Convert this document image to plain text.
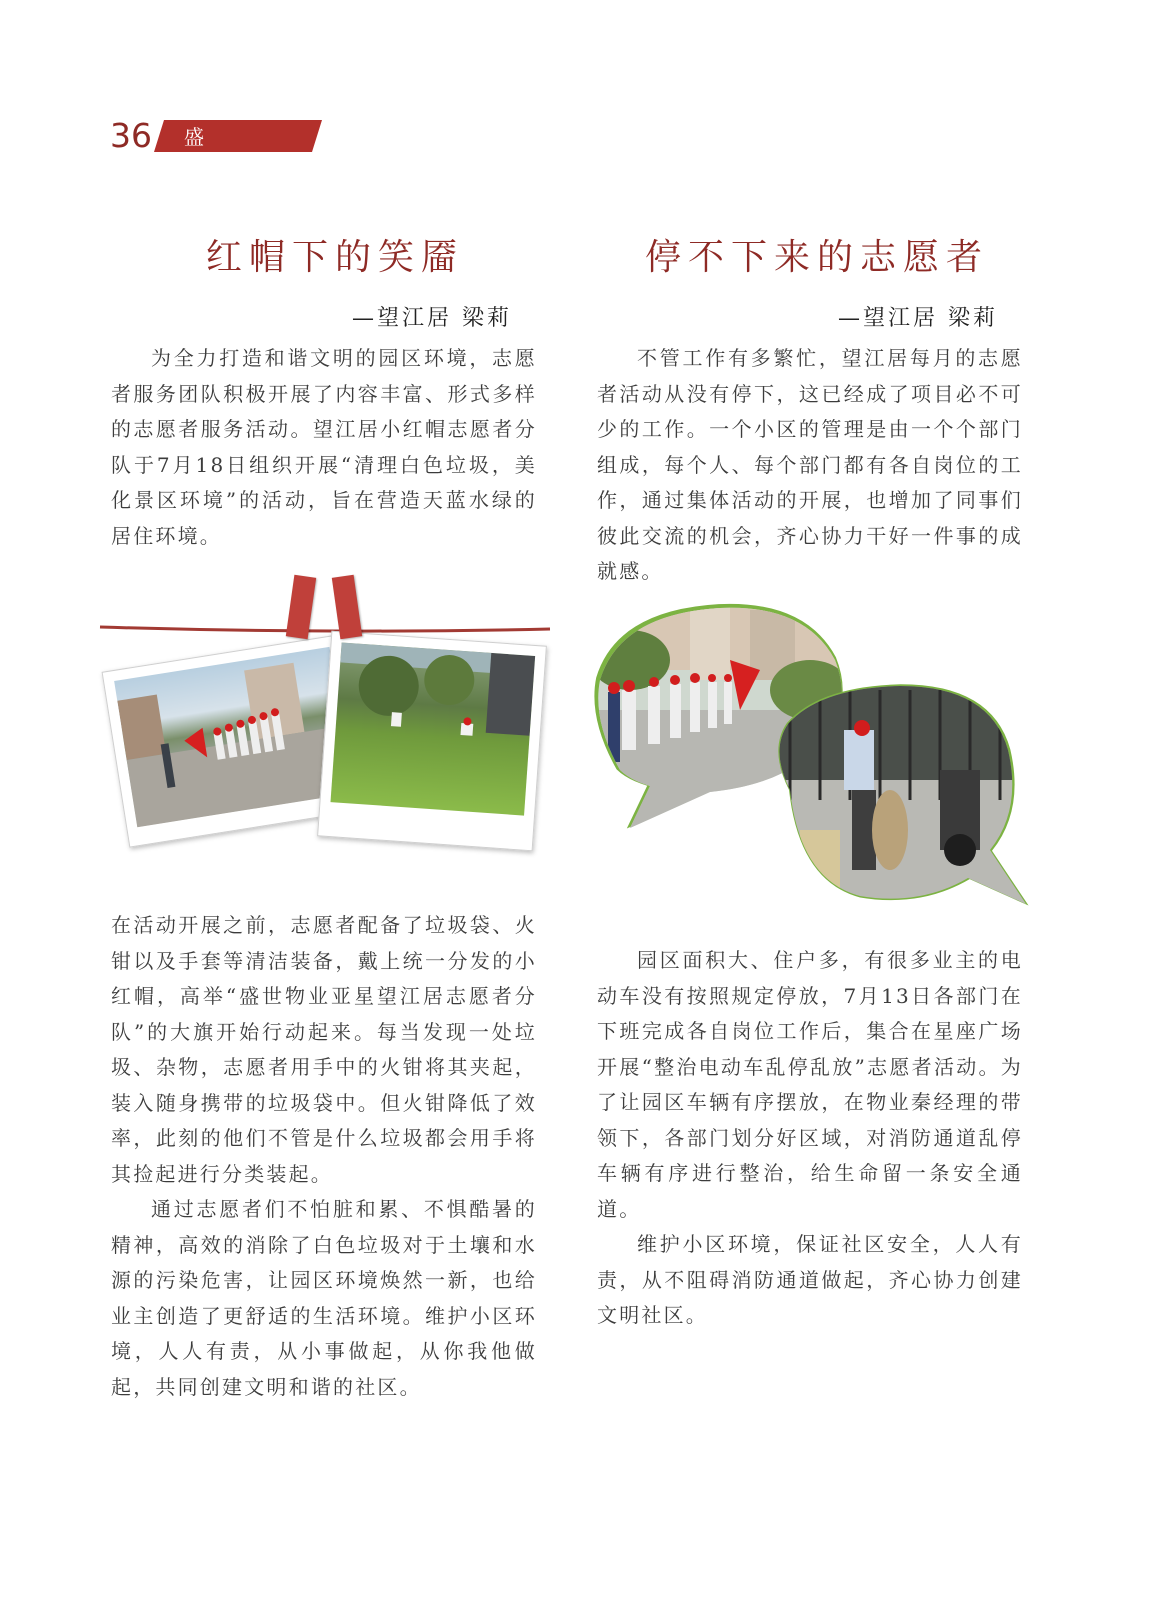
36 盛世物业
红帽下的笑靥
—望江居 梁莉

为全力打造和谐文明的园区环境，志愿者服务团队积极开展了内容丰富、形式多样的志愿者服务活动。望江居小红帽志愿者分队于7月18日组织开展“清理白色垃圾，美化景区环境”的活动，旨在营造天蓝水绿的居住环境。

在活动开展之前，志愿者配备了垃圾袋、火钳以及手套等清洁装备，戴上统一分发的小红帽，高举“盛世物业亚星望江居志愿者分队”的大旗开始行动起来。每当发现一处垃圾、杂物，志愿者用手中的火钳将其夹起，装入随身携带的垃圾袋中。但火钳降低了效率，此刻的他们不管是什么垃圾都会用手将其捡起进行分类装起。

通过志愿者们不怕脏和累、不惧酷暑的精神，高效的消除了白色垃圾对于土壤和水源的污染危害，让园区环境焕然一新，也给业主创造了更舒适的生活环境。维护小区环境，人人有责，从小事做起，从你我他做起，共同创建文明和谐的社区。

停不下来的志愿者
—望江居 梁莉

不管工作有多繁忙，望江居每月的志愿者活动从没有停下，这已经成了项目必不可少的工作。一个小区的管理是由一个个部门组成，每个人、每个部门都有各自岗位的工作，通过集体活动的开展，也增加了同事们彼此交流的机会，齐心协力干好一件事的成就感。

园区面积大、住户多，有很多业主的电动车没有按照规定停放，7月13日各部门在下班完成各自岗位工作后，集合在星座广场开展“整治电动车乱停乱放”志愿者活动。为了让园区车辆有序摆放，在物业秦经理的带领下，各部门划分好区域，对消防通道乱停车辆有序进行整治，给生命留一条安全通道。

维护小区环境，保证社区安全，人人有责，从不阻碍消防通道做起，齐心协力创建文明社区。
